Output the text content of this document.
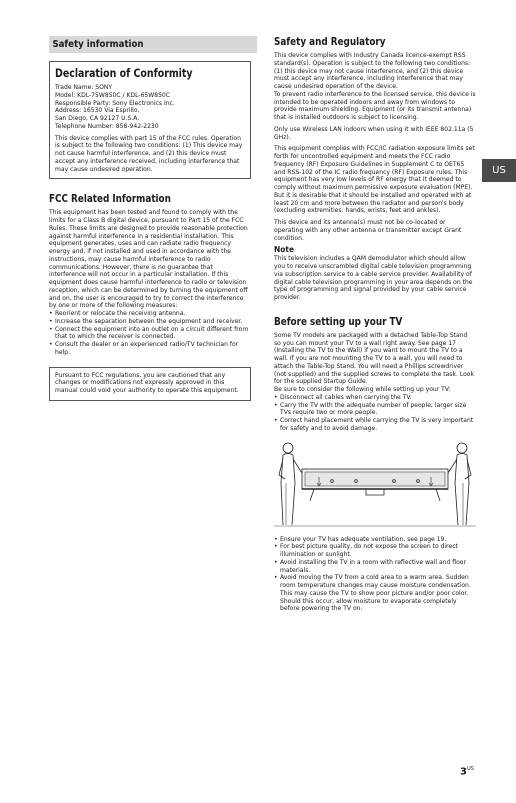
Safety information
Declaration of Conformity

Trade Name: SONY

Model: KDL-75W850C / KDL-65W850C

Responsible Party: Sony Electronics Inc.

Address: 16530 Via Esprillo,

San Diego, CA 92127 U.S.A.

Telephone Number: 858-942-2230

This device complies with part 15 of the FCC rules. Operation is subject to the following two conditions: (1) This device may not cause harmful interference, and (2) this device must accept any interference received, including interference that may cause undesired operation.

FCC Related Information

This equipment has been tested and found to comply with the limits for a Class B digital device, pursuant to Part 15 of the FCC Rules. These limits are designed to provide reasonable protection against harmful interference in a residential installation. This equipment generates, uses and can radiate radio frequency energy and, if not installed and used in accordance with the instructions, may cause harmful interference to radio communications. However, there is no guarantee that interference will not occur in a particular installation. If this equipment does cause harmful interference to radio or television reception, which can be determined by turning the equipment off and on, the user is encouraged to try to correct the interference by one or more of the following measures:

• Reorient or relocate the receiving antenna.
• Increase the separation between the equipment and receiver.
• Connect the equipment into an outlet on a circuit different from that to which the receiver is connected.
• Consult the dealer or an experienced radio/TV technician for help.

Pursuant to FCC regulations, you are cautioned that any changes or modifications not expressly approved in this manual could void your authority to operate this equipment.

Safety and Regulatory

This device complies with Industry Canada licence-exempt RSS standard(s). Operation is subject to the following two conditions: (1) this device may not cause interference, and (2) this device must accept any interference, including interference that may cause undesired operation of the device.

To prevent radio interference to the licensed service, this device is intended to be operated indoors and away from windows to provide maximum shielding. Equipment (or its transmit antenna) that is installed outdoors is subject to licensing.

Only use Wireless LAN indoors when using it with IEEE 802.11a (5 GHz).

This equipment complies with FCC/IC radiation exposure limits set forth for uncontrolled equipment and meets the FCC radio frequency (RF) Exposure Guidelines in Supplement C to OET65 and RSS-102 of the IC radio frequency (RF) Exposure rules. This equipment has very low levels of RF energy that it deemed to comply without maximum permissive exposure evaluation (MPE). But it is desirable that it should be installed and operated with at least 20 cm and more between the radiator and person's body (excluding extremities: hands, wrists, feet and ankles).

This device and its antenna(s) must not be co-located or operating with any other antenna or transmitter except Grant condition.

Note

This television includes a QAM demodulator which should allow you to receive unscrambled digital cable television programming via subscription service to a cable service provider. Availability of digital cable television programming in your area depends on the type of programming and signal provided by your cable service provider.

Before setting up your TV

Some TV models are packaged with a detached Table-Top Stand so you can mount your TV to a wall right away. See page 17 (Installing the TV to the Wall) if you want to mount the TV to a wall. If you are not mounting the TV to a wall, you will need to attach the Table-Top Stand. You will need a Phillips screwdriver (not supplied) and the supplied screws to complete the task. Look for the supplied Startup Guide.

Be sure to consider the following while setting up your TV:

• Disconnect all cables when carrying the TV.
• Carry the TV with the adequate number of people; larger size TVs require two or more people.
• Correct hand placement while carrying the TV is very important for safety and to avoid damage.
• Ensure your TV has adequate ventilation, see page 19.
• For best picture quality, do not expose the screen to direct illumination or sunlight.
• Avoid installing the TV in a room with reflective wall and floor materials.
• Avoid moving the TV from a cold area to a warm area. Sudden room temperature changes may cause moisture condensation. This may cause the TV to show poor picture and/or poor color. Should this occur, allow moisture to evaporate completely before powering the TV on.
US
$3^{US}$
